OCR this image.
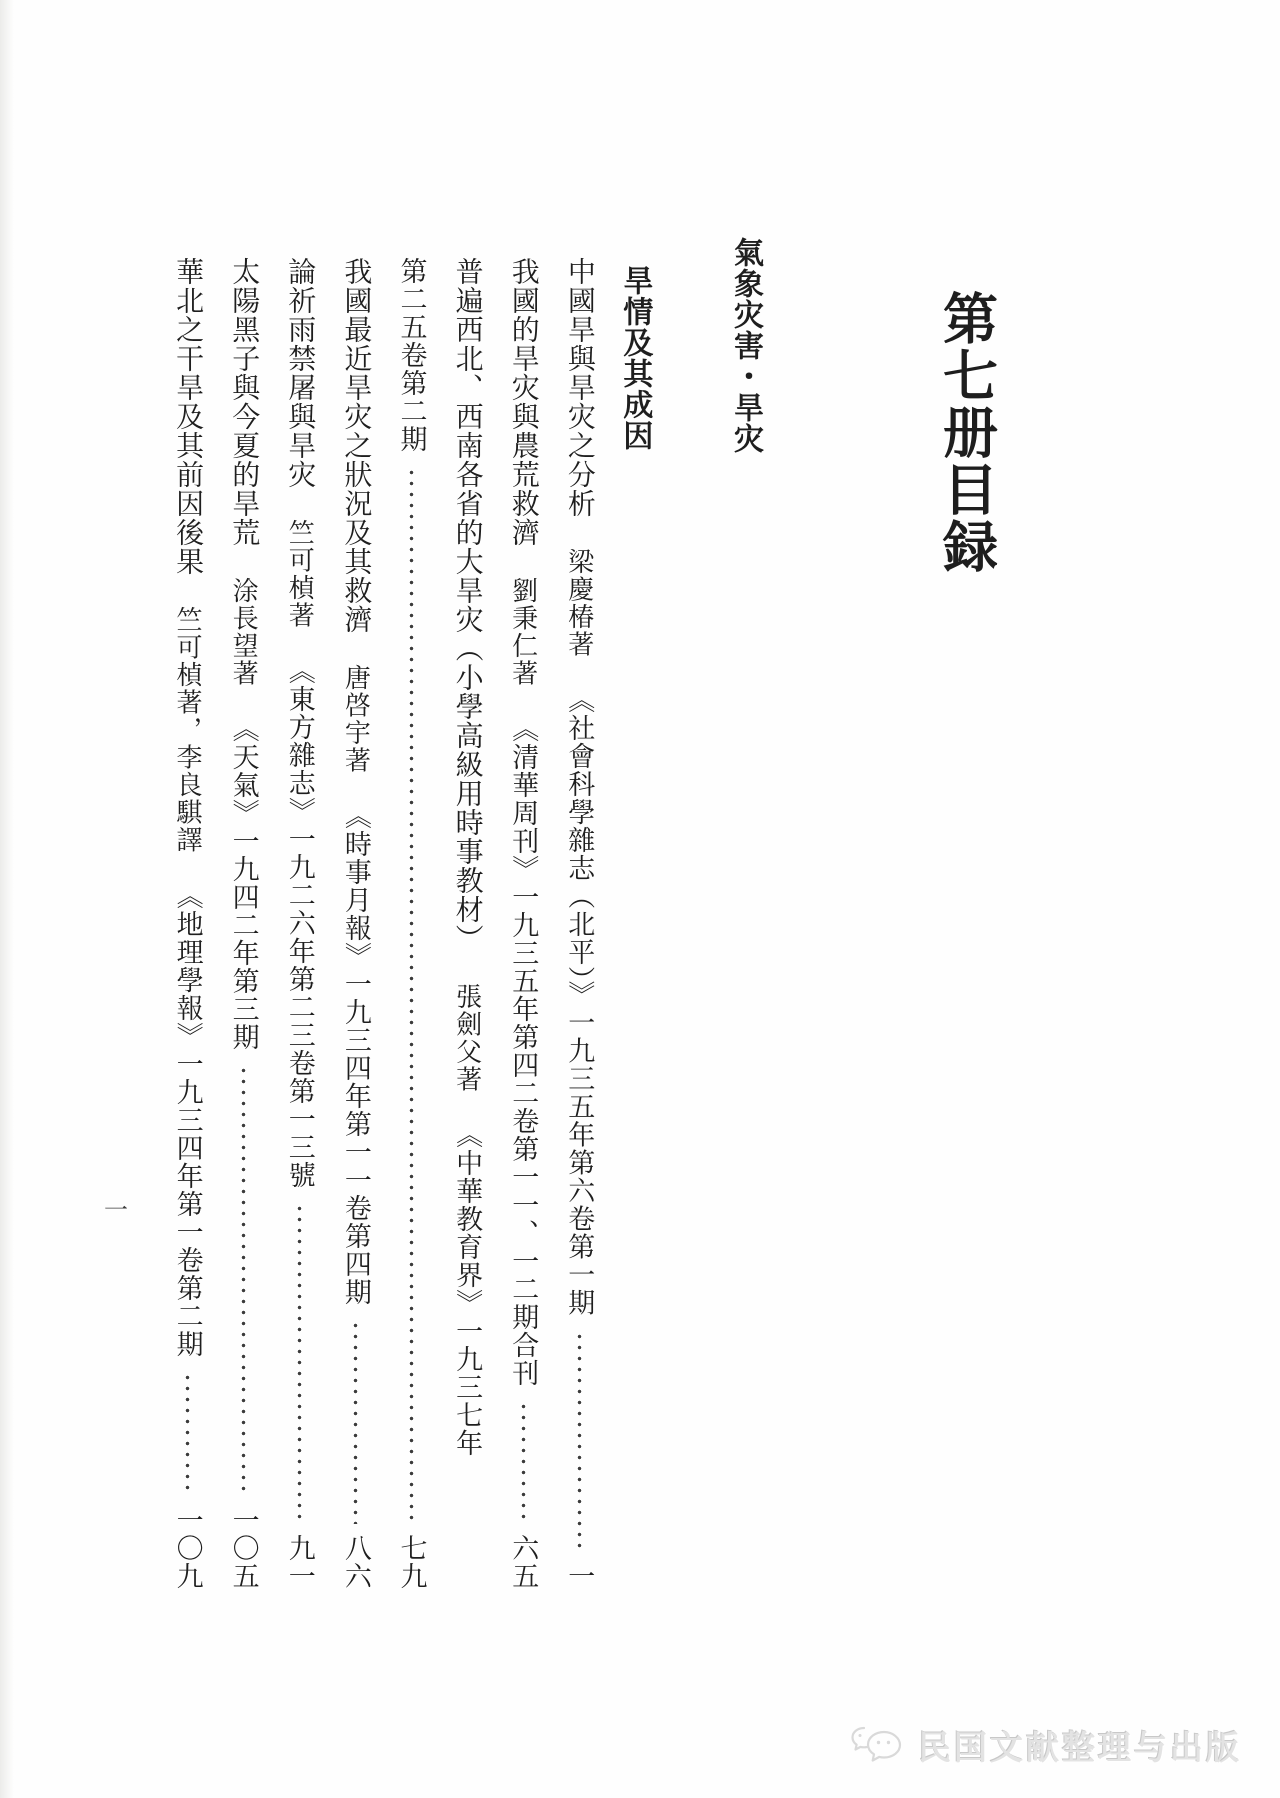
第七册目録
氣象灾害・旱灾
旱情及其成因
中國旱與旱灾之分析
梁慶椿著
《社會科學雜志（北平）》一九三五年第六卷第一期
一
我國的旱灾與農荒救濟
劉秉仁著
《清華周刊》一九三五年第四二卷第一一、一二期合刊
六五
普遍西北、西南各省的大旱灾（小學高級用時事教材）
張劍父著
《中華教育界》一九三七年
第二五卷第二期
七九
我國最近旱灾之狀況及其救濟
唐啓宇著
《時事月報》一九三四年第一一卷第四期
八六
論祈雨禁屠與旱灾
竺可楨著
《東方雜志》一九二六年第二三卷第一三號
九一
太陽黑子與今夏的旱荒
涂長望著
《天氣》一九四二年第三期
一〇五
華北之干旱及其前因後果
竺可楨著，李良騏譯
《地理學報》一九三四年第一卷第二期
一〇九
一
民国文献整理与出版
